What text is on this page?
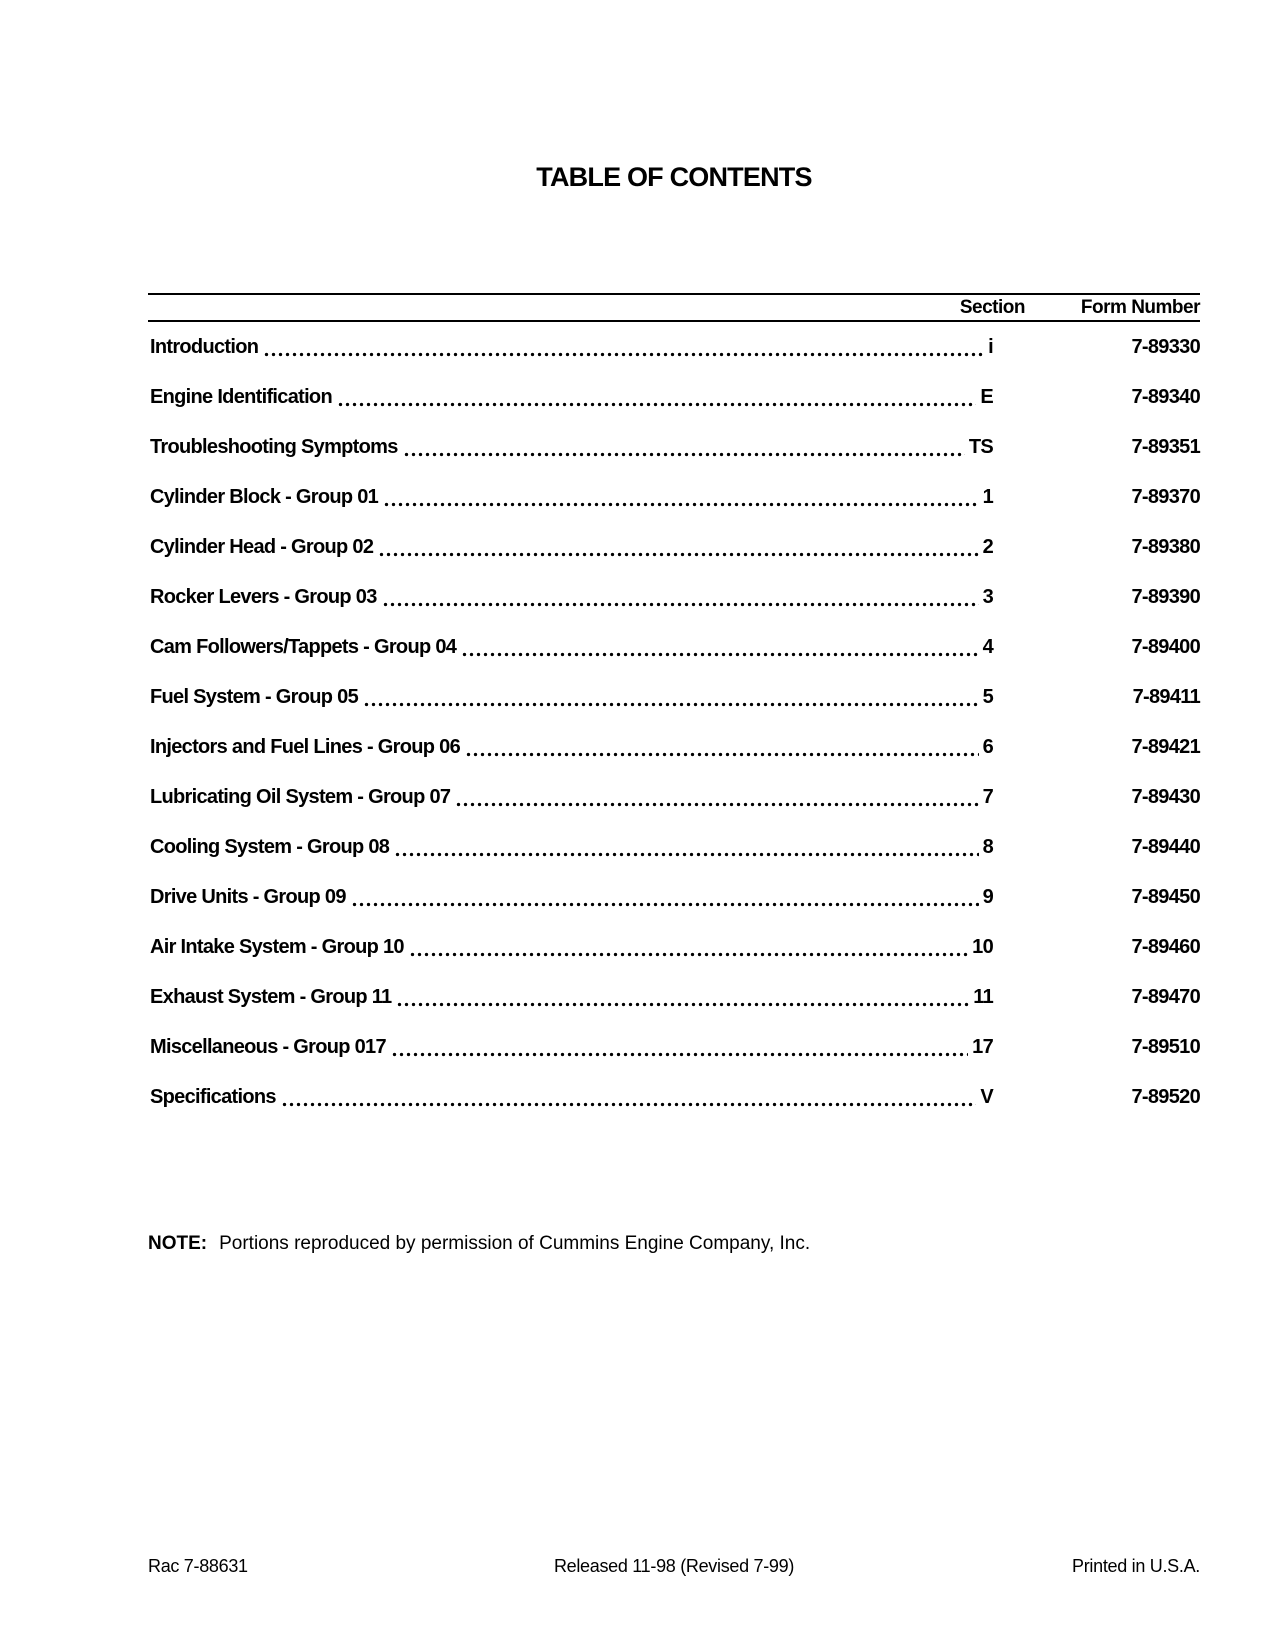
TABLE OF CONTENTS
Section	Form Number
Introduction	i	7-89330
Engine Identification	E	7-89340
Troubleshooting Symptoms	TS	7-89351
Cylinder Block - Group 01	1	7-89370
Cylinder Head - Group 02	2	7-89380
Rocker Levers - Group 03	3	7-89390
Cam Followers/Tappets - Group 04	4	7-89400
Fuel System - Group 05	5	7-89411
Injectors and Fuel Lines - Group 06	6	7-89421
Lubricating Oil System - Group 07	7	7-89430
Cooling System - Group 08	8	7-89440
Drive Units - Group 09	9	7-89450
Air Intake System - Group 10	10	7-89460
Exhaust System - Group 11	11	7-89470
Miscellaneous - Group 017	17	7-89510
Specifications	V	7-89520

NOTE: Portions reproduced by permission of Cummins Engine Company, Inc.

Rac 7-88631	Released 11-98 (Revised 7-99)	Printed in U.S.A.
